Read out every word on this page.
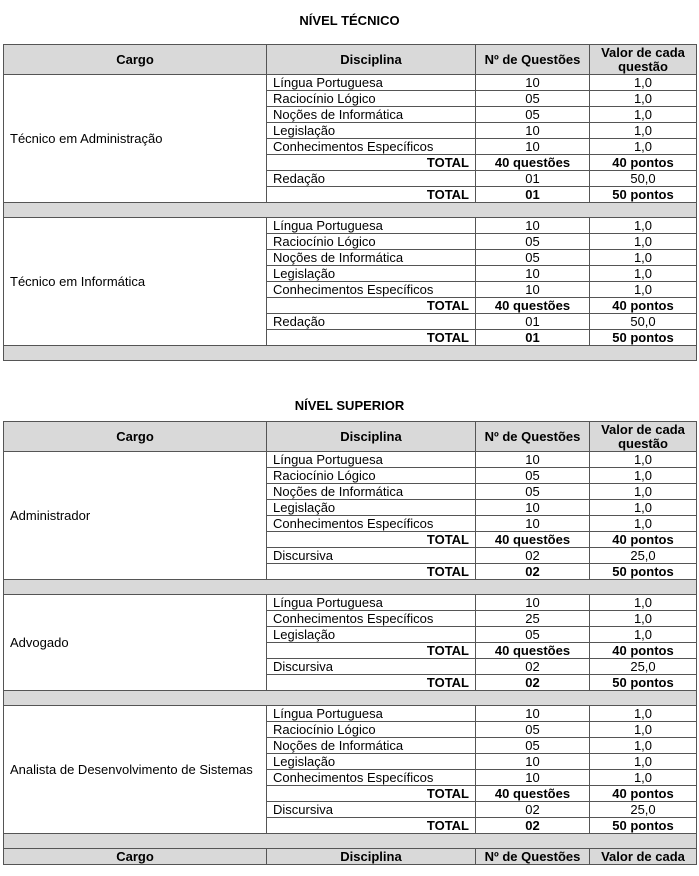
NÍVEL TÉCNICO
Cargo	Disciplina	Nº de Questões	Valor de cada questão
Técnico em Administração	Língua Portuguesa	10	1,0
	Raciocínio Lógico	05	1,0
	Noções de Informática	05	1,0
	Legislação	10	1,0
	Conhecimentos Específicos	10	1,0
	TOTAL	40 questões	40 pontos
	Redação	01	50,0
	TOTAL	01	50 pontos

Técnico em Informática	Língua Portuguesa	10	1,0
	Raciocínio Lógico	05	1,0
	Noções de Informática	05	1,0
	Legislação	10	1,0
	Conhecimentos Específicos	10	1,0
	TOTAL	40 questões	40 pontos
	Redação	01	50,0
	TOTAL	01	50 pontos

NÍVEL SUPERIOR
Cargo	Disciplina	Nº de Questões	Valor de cada questão
Administrador	Língua Portuguesa	10	1,0
	Raciocínio Lógico	05	1,0
	Noções de Informática	05	1,0
	Legislação	10	1,0
	Conhecimentos Específicos	10	1,0
	TOTAL	40 questões	40 pontos
	Discursiva	02	25,0
	TOTAL	02	50 pontos

Advogado	Língua Portuguesa	10	1,0
	Conhecimentos Específicos	25	1,0
	Legislação	05	1,0
	TOTAL	40 questões	40 pontos
	Discursiva	02	25,0
	TOTAL	02	50 pontos

Analista de Desenvolvimento de Sistemas	Língua Portuguesa	10	1,0
	Raciocínio Lógico	05	1,0
	Noções de Informática	05	1,0
	Legislação	10	1,0
	Conhecimentos Específicos	10	1,0
	TOTAL	40 questões	40 pontos
	Discursiva	02	25,0
	TOTAL	02	50 pontos

Cargo	Disciplina	Nº de Questões	Valor de cada
